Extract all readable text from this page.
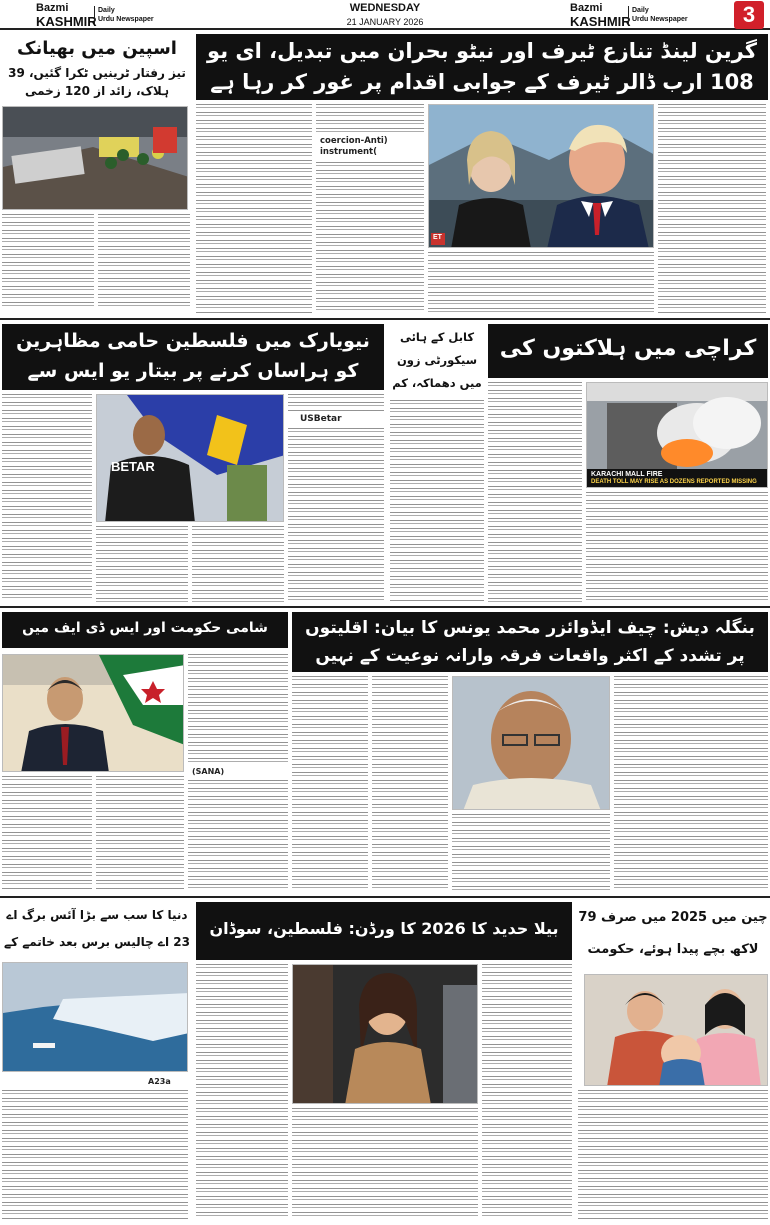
Bazmi
KASHMIR
Daily
Urdu Newspaper
WEDNESDAY
21 JANUARY 2026
Bazmi
KASHMIR
Daily
Urdu Newspaper	3
گرین لینڈ تنازع ٹیرف اور نیٹو بحران میں تبدیل، ای یو 108 ارب ڈالر ٹیرف کے جوابی اقدام پر غور کر رہا ہے
ET
coercion-Anti) instrument(
اسپین میں بھیانک
تیز رفتار ٹرینیں ٹکرا گئیں، 39 ہلاک، زائد از 120 زخمی
کراچی میں ہلاکتوں کی
KARACHI MALL FIRE
DEATH TOLL MAY RISE AS DOZENS REPORTED MISSING
کابل کے ہائی سیکورٹی زون میں دھماکہ، کم
نیویارک میں فلسطین حامی مظاہرین کو ہراساں کرنے پر بیتار یو ایس سے
BETAR
USBetar
بنگلہ دیش: چیف ایڈوائزر محمد یونس کا بیان: اقلیتوں پر تشدد کے اکثر واقعات فرقہ وارانہ نوعیت کے نہیں
شامی حکومت اور ایس ڈی ایف میں
(SANA)
دنیا کا سب سے بڑا آئس برگ اے 23 اے چالیس برس بعد خاتمے کے
A23a
بیلا حدید کا 2026 کا ورڈن: فلسطین، سوڈان
چین میں 2025 میں صرف 79 لاکھ بچے پیدا ہوئے، حکومت
